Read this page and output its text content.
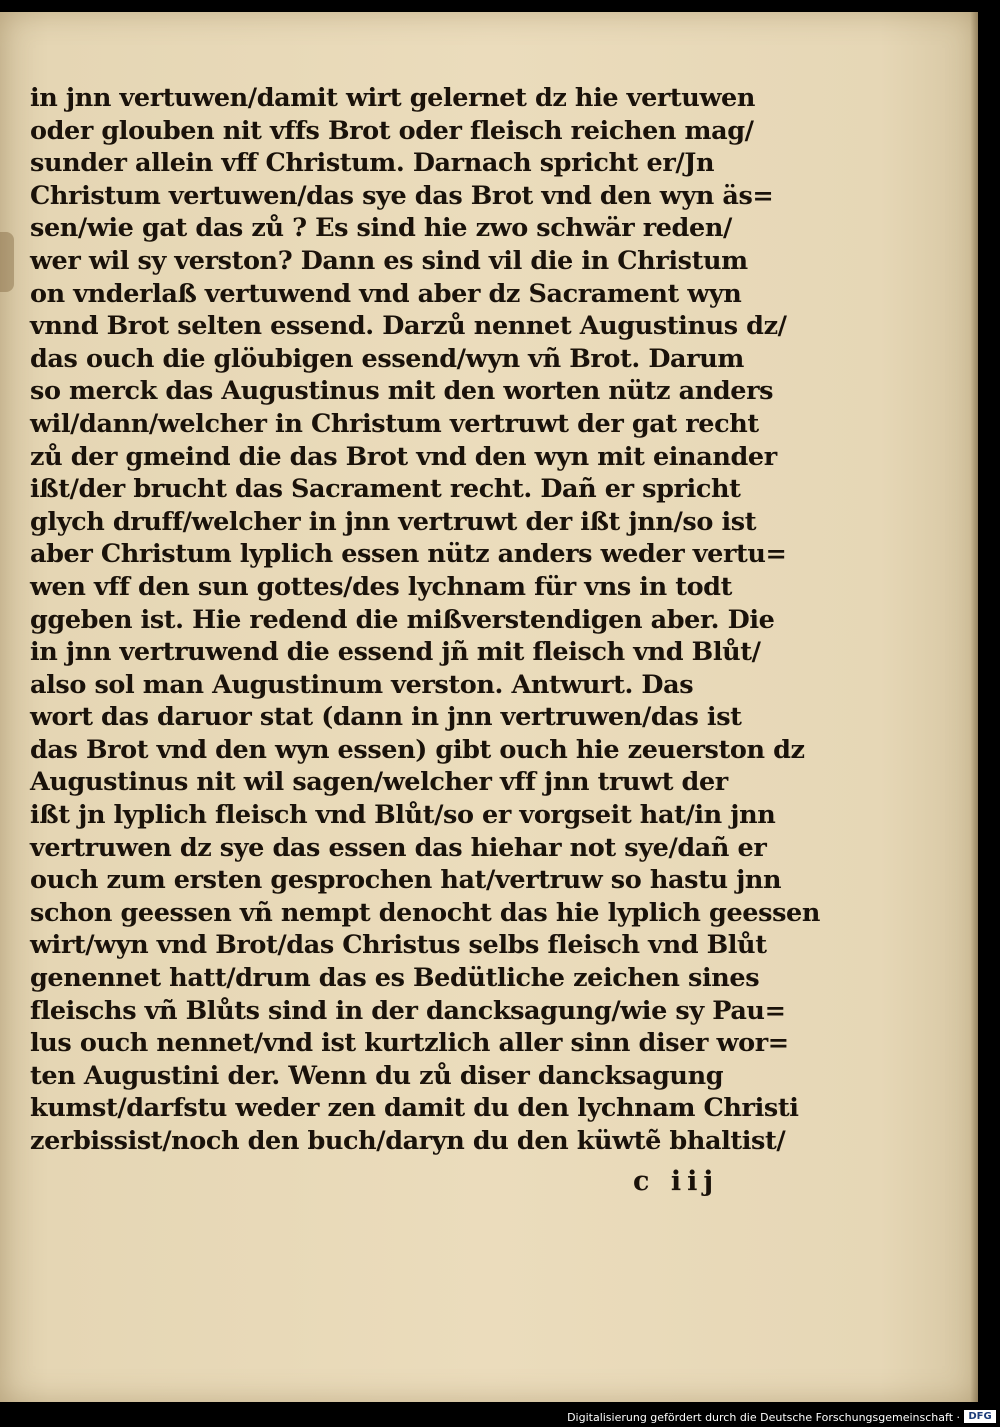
in jnn vertuwen/damit wirt gelernet dz hie vertuwen
oder glouben nit vffs Brot oder fleisch reichen mag/
sunder allein vff Christum. Darnach spricht er/Jn
Christum vertuwen/das sye das Brot vnd den wyn äs=
sen/wie gat das zů ? Es sind hie zwo schwär reden/
wer wil sy verston? Dann es sind vil die in Christum
on vnderlaß vertuwend vnd aber dz Sacrament wyn
vnnd Brot selten essend. Darzů nennet Augustinus dz/
das ouch die glöubigen essend/wyn vñ Brot. Darum
so merck das Augustinus mit den worten nütz anders
wil/dann/welcher in Christum vertruwt der gat recht
zů der gmeind die das Brot vnd den wyn mit einander
ißt/der brucht das Sacrament recht. Dañ er spricht
glych druff/welcher in jnn vertruwt der ißt jnn/so ist
aber Christum lyplich essen nütz anders weder vertu=
wen vff den sun gottes/des lychnam für vns in todt
ggeben ist. Hie redend die mißverstendigen aber. Die
in jnn vertruwend die essend jñ mit fleisch vnd Blůt/
also sol man Augustinum verston. Antwurt. Das
wort das daruor stat (dann in jnn vertruwen/das ist
das Brot vnd den wyn essen) gibt ouch hie zeuerston dz
Augustinus nit wil sagen/welcher vff jnn truwt der
ißt jn lyplich fleisch vnd Blůt/so er vorgseit hat/in jnn
vertruwen dz sye das essen das hiehar not sye/dañ er
ouch zum ersten gesprochen hat/vertruw so hastu jnn
schon geessen vñ nempt denocht das hie lyplich geessen
wirt/wyn vnd Brot/das Christus selbs fleisch vnd Blůt
genennet hatt/drum das es Bedütliche zeichen sines
fleischs vñ Blůts sind in der dancksagung/wie sy Pau=
lus ouch nennet/vnd ist kurtzlich aller sinn diser wor=
ten Augustini der. Wenn du zů diser dancksagung
kumst/darfstu weder zen damit du den lychnam Christi
zerbissist/noch den buch/daryn du den küwtẽ bhaltist/
c iij
Digitalisierung gefördert durch die Deutsche Forschungsgemeinschaft · DFG
